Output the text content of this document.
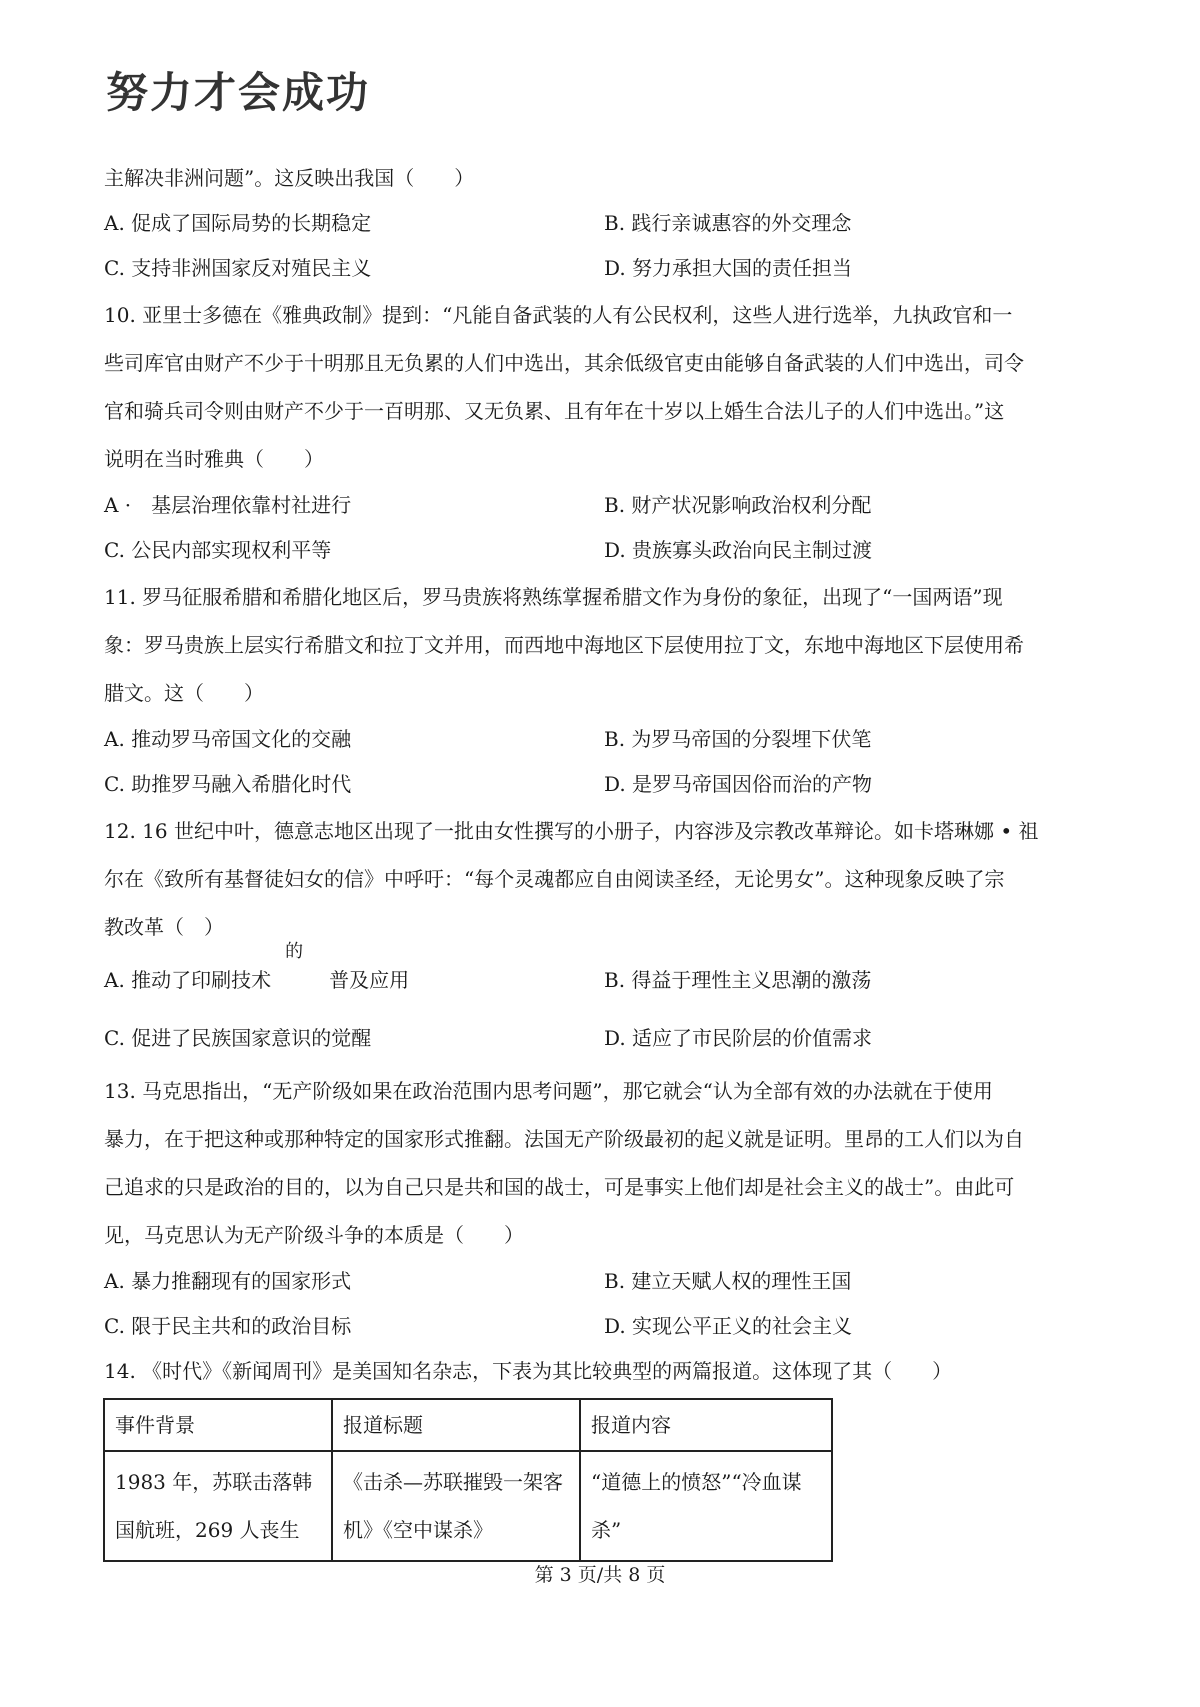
努力才会成功
主解决非洲问题”。这反映出我国（　　）
A. 促成了国际局势的长期稳定	B. 践行亲诚惠容的外交理念
C. 支持非洲国家反对殖民主义	D. 努力承担大国的责任担当
10. 亚里士多德在《雅典政制》提到：“凡能自备武装的人有公民权利，这些人进行选举，九执政官和一
些司库官由财产不少于十明那且无负累的人们中选出，其余低级官吏由能够自备武装的人们中选出，司令
官和骑兵司令则由财产不少于一百明那、又无负累、且有年在十岁以上婚生合法儿子的人们中选出。”这
说明在当时雅典（　　）
A ·　基层治理依靠村社进行	B. 财产状况影响政治权利分配
C. 公民内部实现权利平等	D. 贵族寡头政治向民主制过渡
11. 罗马征服希腊和希腊化地区后，罗马贵族将熟练掌握希腊文作为身份的象征，出现了“一国两语”现
象：罗马贵族上层实行希腊文和拉丁文并用，而西地中海地区下层使用拉丁文，东地中海地区下层使用希
腊文。这（　　）
A. 推动罗马帝国文化的交融	B. 为罗马帝国的分裂埋下伏笔
C. 助推罗马融入希腊化时代	D. 是罗马帝国因俗而治的产物
12. 16 世纪中叶，德意志地区出现了一批由女性撰写的小册子，内容涉及宗教改革辩论。如卡塔琳娜 • 祖
尔在《致所有基督徒妇女的信》中呼吁：“每个灵魂都应自由阅读圣经，无论男女”。这种现象反映了宗
教改革（　）
A. 推动了印刷技术
的
普及应用	B. 得益于理性主义思潮的激荡
C. 促进了民族国家意识的觉醒	D. 适应了市民阶层的价值需求
13. 马克思指出，“无产阶级如果在政治范围内思考问题”，那它就会“认为全部有效的办法就在于使用
暴力，在于把这种或那种特定的国家形式推翻。法国无产阶级最初的起义就是证明。里昂的工人们以为自
己追求的只是政治的目的，以为自己只是共和国的战士，可是事实上他们却是社会主义的战士”。由此可
见，马克思认为无产阶级斗争的本质是（　　）
A. 暴力推翻现有的国家形式	B. 建立天赋人权的理性王国
C. 限于民主共和的政治目标	D. 实现公平正义的社会主义
14. 《时代》《新闻周刊》是美国知名杂志，下表为其比较典型的两篇报道。这体现了其（　　）
事件背景	报道标题	报道内容
1983 年，苏联击落韩国航班，269 人丧生	《击杀—苏联摧毁一架客机》《空中谋杀》	“道德上的愤怒”“冷血谋杀”
第 3 页/共 8 页
